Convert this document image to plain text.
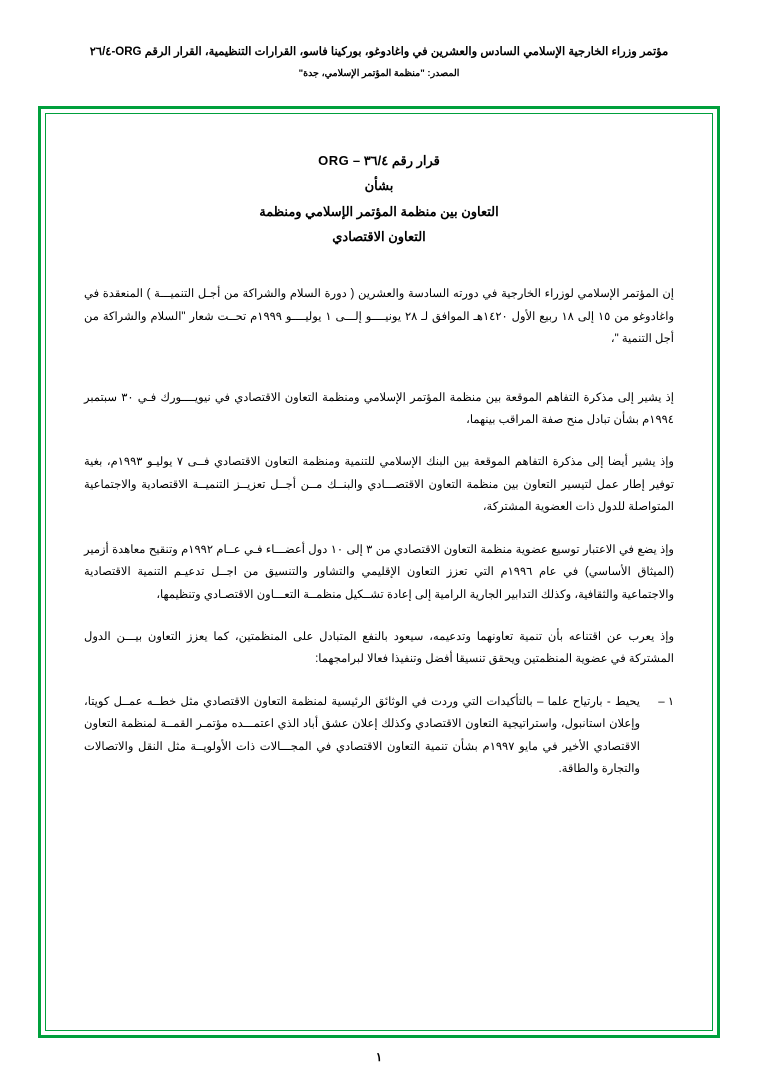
مؤتمر وزراء الخارجية الإسلامي السادس والعشرين في واغادوغو، بوركينا فاسو، القرارات التنظيمية، القرار الرقم ORG-٢٦/٤
المصدر: "منظمة المؤتمر الإسلامي، جدة"
قرار رقم ٣٦/٤ – ORG
بشأن
التعاون بين منظمة المؤتمر الإسلامي ومنظمة
التعاون الاقتصادي

إن المؤتمر الإسلامي لوزراء الخارجية في دورته السادسة والعشرين ( دورة السلام والشراكة من أجـل التنميـــة ) المنعقدة في واغادوغو من ١٥ إلى ١٨ ربيع الأول ١٤٢٠هـ الموافق لـ ٢٨ يونيــــو إلـــى ١ يوليــــو ١٩٩٩م تحــت شعار "السلام والشراكة من أجل التنمية "،

إذ يشير إلى مذكرة التفاهم الموقعة بين منظمة المؤتمر الإسلامي ومنظمة التعاون الاقتصادي في نيويــــورك فـي ٣٠ سبتمبر ١٩٩٤م بشأن تبادل منح صفة المراقب بينهما،

وإذ يشير أيضا إلى مذكرة التفاهم الموقعة بين البنك الإسلامي للتنمية ومنظمة التعاون الاقتصادي فــى ٧ يوليـو ١٩٩٣م، بغية توفير إطار عمل لتيسير التعاون بين منظمة التعاون الاقتصـــادي والبنــك مــن أجــل تعزيــز التنميــة الاقتصادية والاجتماعية المتواصلة للدول ذات العضوية المشتركة،

وإذ يضع في الاعتبار توسيع عضوية منظمة التعاون الاقتصادي من ٣ إلى ١٠ دول أعضـــاء فـي عــام ١٩٩٢م وتنقيح معاهدة أزمير (الميثاق الأساسي) في عام ١٩٩٦م التي تعزز التعاون الإقليمي والتشاور والتنسيق من اجــل تدعيـم التنمية الاقتصادية والاجتماعية والثقافية، وكذلك التدابير الجارية الرامية إلى إعادة تشــكيل منظمــة التعـــاون الاقتصـادي وتنظيمها،

وإذ يعرب عن اقتناعه بأن تنمية تعاونهما وتدعيمه، سيعود بالنفع المتبادل على المنظمتين، كما يعزز التعاون بيـــن الدول المشتركة في عضوية المنظمتين ويحقق تنسيقا أفضل وتنفيذا فعالا لبرامجهما:

١ –
يحيط - بارتياح علما – بالتأكيدات التي وردت في الوثائق الرئيسية لمنظمة التعاون الاقتصادي مثل خطــه عمــل كويتا، وإعلان استانبول، واستراتيجية التعاون الاقتصادي وكذلك إعلان عشق أباد الذي اعتمـــده مؤتمـر القمــة لمنظمة التعاون الاقتصادي الأخير في مايو ١٩٩٧م بشأن تنمية التعاون الاقتصادي في المجـــالات ذات الأولويــة مثل النقل والاتصالات والتجارة والطاقة.
١
